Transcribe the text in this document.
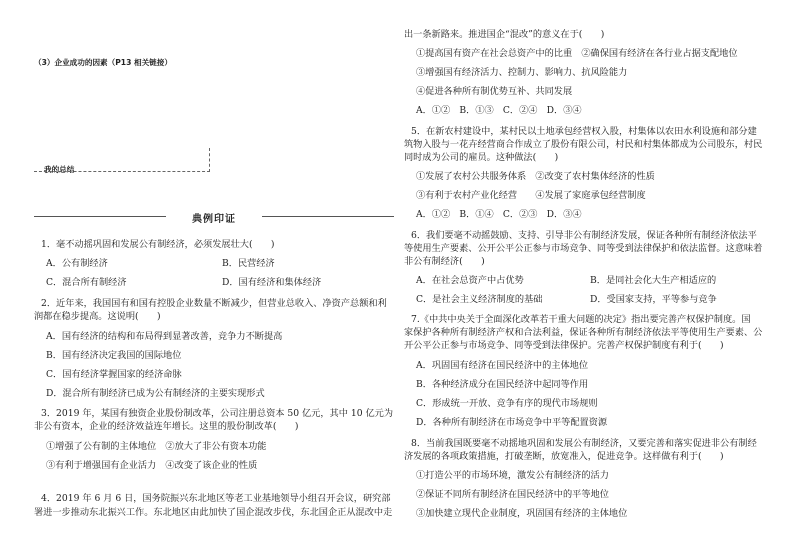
（3）企业成功的因素（P13 相关链接）
我的总结
1．毫不动摇巩固和发展公有制经济，必须发展壮大(　　)
A．公有制经济	B．民营经济
C．混合所有制经济	D．国有经济和集体经济
2．近年来，我国国有和国有控股企业数量不断减少，但营业总收入、净资产总额和利
润都在稳步提高。这说明(　　)
A．国有经济的结构和布局得到显著改善，竞争力不断提高
B．国有经济决定我国的国际地位
C．国有经济掌握国家的经济命脉
D．混合所有制经济已成为公有制经济的主要实现形式
3．2019 年，某国有独资企业股份制改革，公司注册总资本 50 亿元，其中 10 亿元为
非公有资本，企业的经济效益连年增长。这里的股份制改革(　　)
①增强了公有制的主体地位　②放大了非公有资本功能
③有利于增强国有企业活力　④改变了该企业的性质
4．2019 年 6 月 6 日，国务院振兴东北地区等老工业基地领导小组召开会议，研究部
署进一步推动东北振兴工作。东北地区由此加快了国企混改步伐，东北国企正从混改中走
典例印证
出一条新路来。推进国企“混改”的意义在于(　　)
①提高国有资产在社会总资产中的比重　②确保国有经济在各行业占据支配地位
③增强国有经济活力、控制力、影响力、抗风险能力
④促进各种所有制优势互补、共同发展
A．①②　B．①③　C．②④　D．③④
5．在新农村建设中，某村民以土地承包经营权入股，村集体以农田水利设施和部分建
筑物入股与一花卉经营商合作成立了股份有限公司，村民和村集体都成为公司股东，村民
同时成为公司的雇员。这种做法(　　)
①发展了农村公共服务体系　②改变了农村集体经济的性质
③有利于农村产业化经营　　④发展了家庭承包经营制度
A．①②　B．①④　C．②③　D．③④
6．我们要毫不动摇鼓励、支持、引导非公有制经济发展，保证各种所有制经济依法平
等使用生产要素、公开公平公正参与市场竞争、同等受到法律保护和依法监督。这意味着
非公有制经济(　　)
A．在社会总资产中占优势	B．是同社会化大生产相适应的
C．是社会主义经济制度的基础	D．受国家支持，平等参与竞争
7.《中共中央关于全面深化改革若干重大问题的决定》指出要完善产权保护制度。国
家保护各种所有制经济产权和合法利益，保证各种所有制经济依法平等使用生产要素、公
开公平公正参与市场竞争、同等受到法律保护。完善产权保护制度有利于(　　)
A．巩固国有经济在国民经济中的主体地位
B．各种经济成分在国民经济中起同等作用
C．形成统一开放、竞争有序的现代市场规则
D．各种所有制经济在市场竞争中平等配置资源
8．当前我国既要毫不动摇地巩固和发展公有制经济，又要完善和落实促进非公有制经
济发展的各项政策措施，打破垄断，放宽准入，促进竞争。这样做有利于(　　)
①打造公平的市场环境，激发公有制经济的活力
②保证不同所有制经济在国民经济中的平等地位
③加快建立现代企业制度，巩固国有经济的主体地位
